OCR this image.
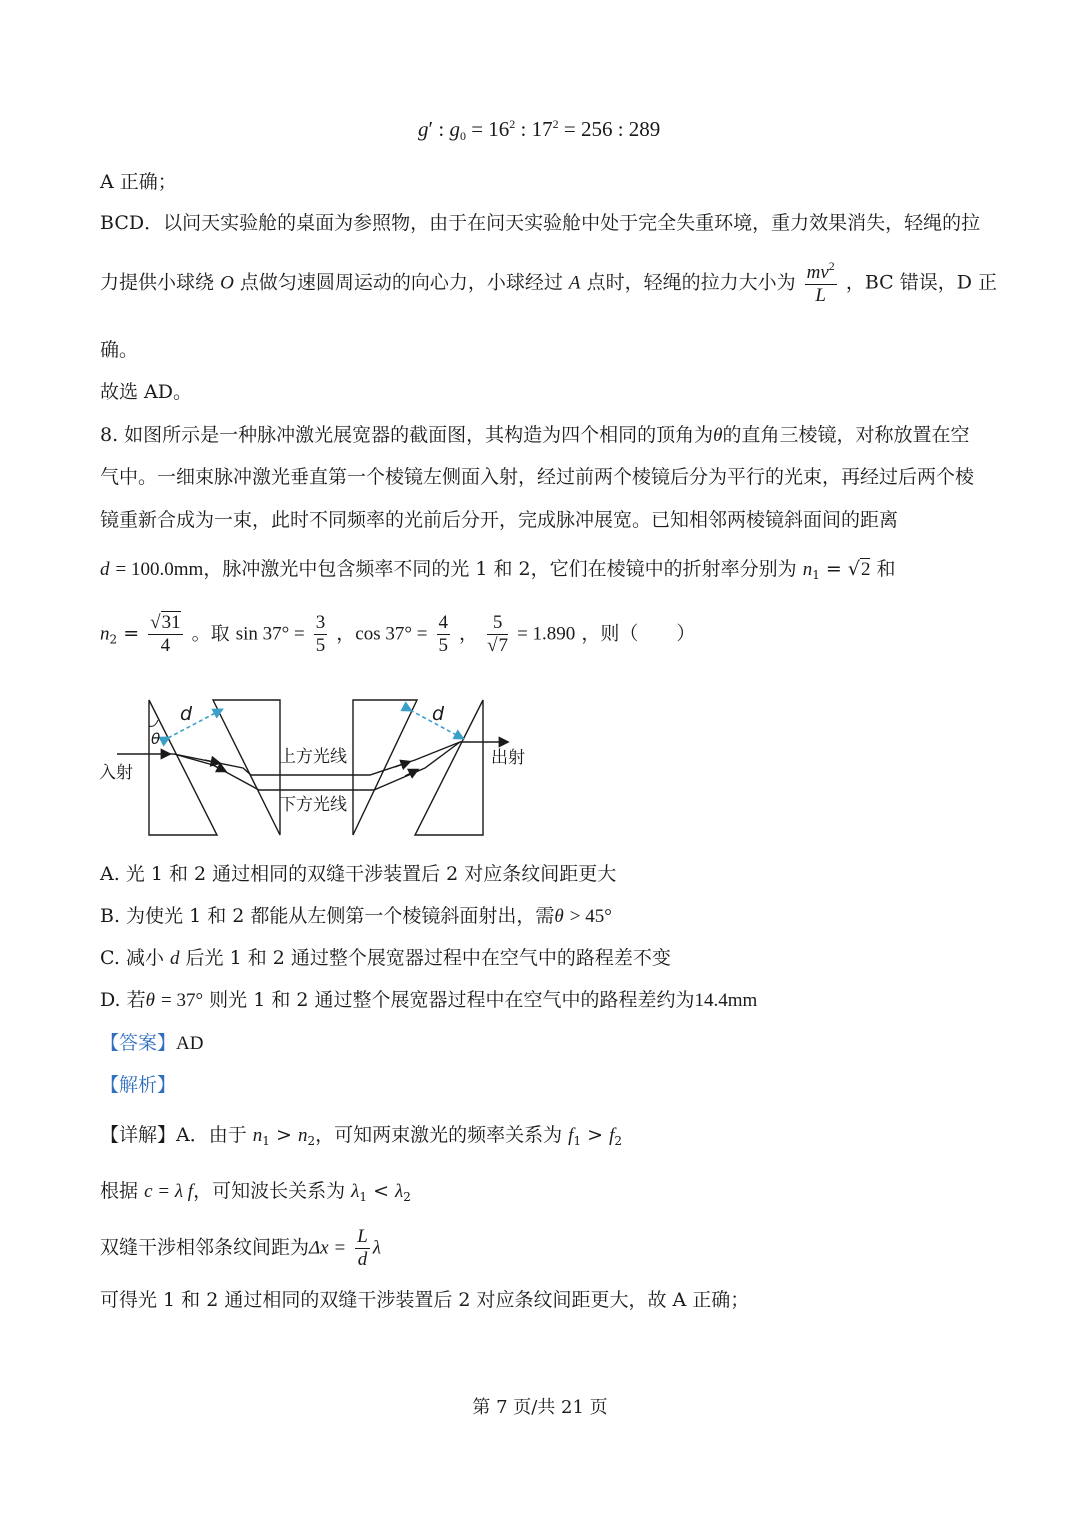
g′ : $g_0 = 16^2$ : $17^2 = 256$ : 289
A 正确；
BCD．以问天实验舱的桌面为参照物，由于在问天实验舱中处于完全失重环境，重力效果消失，轻绳的拉
力提供小球绕 O 点做匀速圆周运动的向心力，小球经过 A 点时，轻绳的拉力大小为 $\frac{mv^2}{L}$ ，BC 错误，D 正
确。
故选 AD。
8. 如图所示是一种脉冲激光展宽器的截面图，其构造为四个相同的顶角为θ的直角三棱镜，对称放置在空
气中。一细束脉冲激光垂直第一个棱镜左侧面入射，经过前两个棱镜后分为平行的光束，再经过后两个棱
镜重新合成为一束，此时不同频率的光前后分开，完成脉冲展宽。已知相邻两棱镜斜面间的距离
d = 100.0mm，脉冲激光中包含频率不同的光 1 和 2，它们在棱镜中的折射率分别为 $n_1 = √2$ 和
$n_2 = \frac{√31}{4}$ 。取 $\sin 37^\circ = \frac{3}{5}$ ，$\cos 37^\circ = \frac{4}{5}$ ， $\frac{5}{√7} = 1.890$ ，则（　　）
d	d
θ
入射
出射
上方光线
下方光线
A. 光 1 和 2 通过相同的双缝干涉装置后 2 对应条纹间距更大
B. 为使光 1 和 2 都能从左侧第一个棱镜斜面射出，需θ > 45°
C. 减小 d 后光 1 和 2 通过整个展宽器过程中在空气中的路程差不变
D. 若θ = 37° 则光 1 和 2 通过整个展宽器过程中在空气中的路程差约为14.4mm
【答案】AD
【解析】
【详解】A．由于 $n_1 > n_2$，可知两束激光的频率关系为 $f_1 > f_2$
根据 c = λ f，可知波长关系为 $\lambda_1 < \lambda_2$
双缝干涉相邻条纹间距为$\Delta x = \frac{L}{d}$ λ
可得光 1 和 2 通过相同的双缝干涉装置后 2 对应条纹间距更大，故 A 正确；
第 7 页/共 21 页
